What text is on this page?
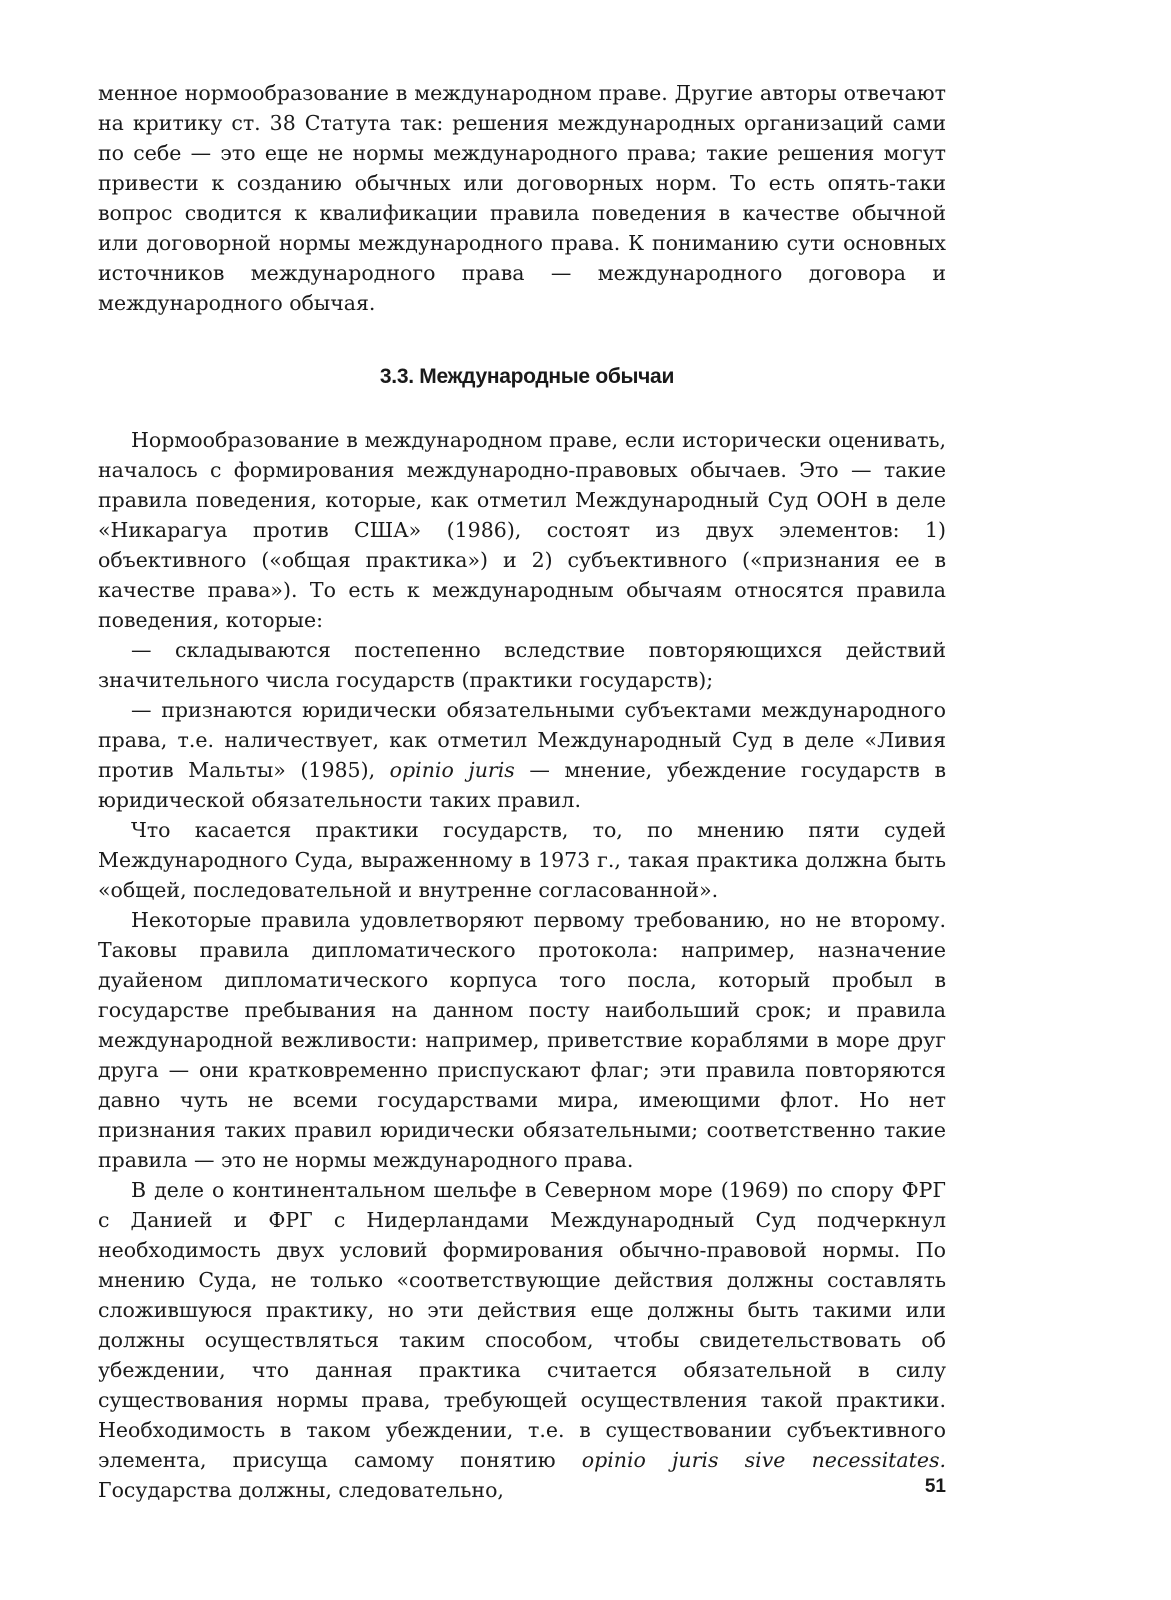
менное нормообразование в международном праве. Другие авторы отвечают на критику ст. 38 Статута так: решения международных организаций сами по себе — это еще не нормы международного права; такие решения могут привести к созданию обычных или договорных норм. То есть опять-таки вопрос сводится к квалификации правила поведения в качестве обычной или договорной нормы международного права. К пониманию сути основных источников международного права — международного договора и международного обычая.

3.3. Международные обычаи

Нормообразование в международном праве, если исторически оценивать, началось с формирования международно-правовых обычаев. Это — такие правила поведения, которые, как отметил Международный Суд ООН в деле «Никарагуа против США» (1986), состоят из двух элементов: 1) объективного («общая практика») и 2) субъективного («признания ее в качестве права»). То есть к международным обычаям относятся правила поведения, которые:

— складываются постепенно вследствие повторяющихся действий значительного числа государств (практики государств);

— признаются юридически обязательными субъектами международного права, т.е. наличествует, как отметил Международный Суд в деле «Ливия против Мальты» (1985), opinio juris — мнение, убеждение государств в юридической обязательности таких правил.

Что касается практики государств, то, по мнению пяти судей Международного Суда, выраженному в 1973 г., такая практика должна быть «общей, последовательной и внутренне согласованной».

Некоторые правила удовлетворяют первому требованию, но не второму. Таковы правила дипломатического протокола: например, назначение дуайеном дипломатического корпуса того посла, который пробыл в государстве пребывания на данном посту наибольший срок; и правила международной вежливости: например, приветствие кораблями в море друг друга — они кратковременно приспускают флаг; эти правила повторяются давно чуть не всеми государствами мира, имеющими флот. Но нет признания таких правил юридически обязательными; соответственно такие правила — это не нормы международного права.

В деле о континентальном шельфе в Северном море (1969) по спору ФРГ с Данией и ФРГ с Нидерландами Международный Суд подчеркнул необходимость двух условий формирования обычно-правовой нормы. По мнению Суда, не только «соответствующие действия должны составлять сложившуюся практику, но эти действия еще должны быть такими или должны осуществляться таким способом, чтобы свидетельствовать об убеждении, что данная практика считается обязательной в силу существования нормы права, требующей осуществления такой практики. Необходимость в таком убеждении, т.е. в существовании субъективного элемента, присуща самому понятию opinio juris sive necessitates. Государства должны, следовательно,	51
